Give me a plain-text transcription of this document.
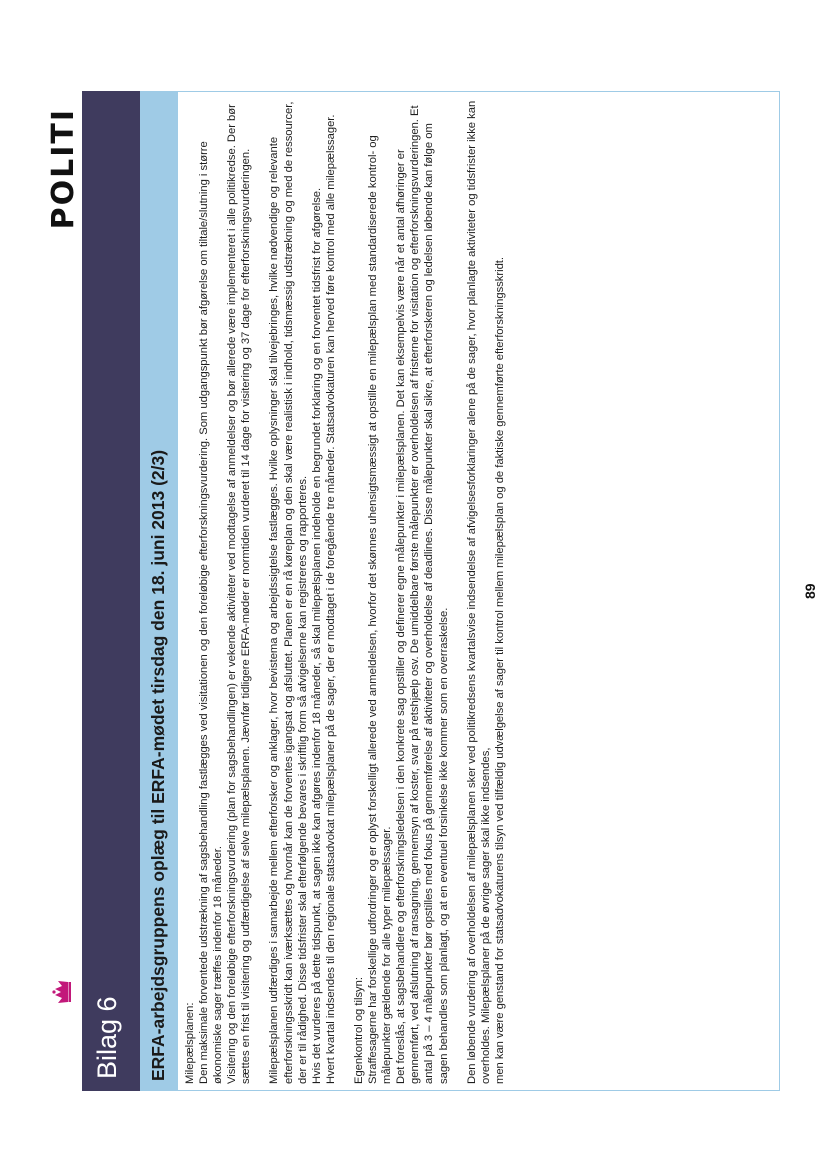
POLITI
Bilag 6 ERFA-arbejdsgruppens oplæg til ERFA-mødet tirsdag den 18. juni 2013 (2/3) Milepælsplanen: Den maksimale forventede udstrækning af sagsbehandling fastlægges ved visitationen og den foreløbige efterforskningsvurdering. Som udgangspunkt bør afgørelse om tiltale/slutning i større økonomiske sager træffes indenfor 18 måneder. Visitering og den foreløbige efterforskningsvurdering (plan for sagsbehandlingen) er vekende aktiviteter ved modtagelse af anmeldelser og bør allerede være implementeret i alle politikredse. Der bør sættes en frist til visitering og udfærdigelse af selve milepælsplanen. Jævnfør tidligere ERFA-møder er normtiden vurderet til 14 dage for visitering og 37 dage for efterforskningsvurderingen. Milepælsplanen udfærdiges i samarbejde mellem efterforsker og anklager, hvor bevistema og arbejdssigtelse fastlægges. Hvilke oplysninger skal tilvejebringes, hvilke nødvendige og relevante efterforskningsskridt kan iværksættes og hvornår kan de forventes igangsat og afsluttet. Planen er en rå køreplan og den skal være realistisk i indhold, tidsmæssig udstrækning og med de ressourcer, der er til rådighed. Disse tidsfrister skal efterfølgende bevares i skriftlig form så afvigelserne kan registreres og rapporteres. Hvis det vurderes på dette tidspunkt, at sagen ikke kan afgøres indenfor 18 måneder, så skal milepælsplanen indeholde en begrundet forklaring og en forventet tidsfrist for afgørelse. Hvert kvartal indsendes til den regionale statsadvokat milepælsplaner på de sager, der er modtaget i de foregående tre måneder. Statsadvokaturen kan herved føre kontrol med alle milepælssager. Egenkontrol og tilsyn: Straffesagerne har forskellige udfordringer og er oplyst forskelligt allerede ved anmeldelsen, hvorfor det skønnes uhensigtsmæssigt at opstille en milepælsplan med standardiserede kontrol- og målepunkter gældende for alle typer milepælssager. Det foreslås, at sagsbehandlere og efterforskningsledelsen i den konkrete sag opstiller og definerer egne målepunkter i milepælsplanen. Det kan eksempelvis være når et antal afhøringer er gennemført, ved afslutning af ransagning, gennemsyn af koster, svar på retshjælp osv. De umiddelbare første målepunkter er overholdelsen af fristerne for visitation og efterforskningsvurderingen. Et antal på 3 – 4 målepunkter bør opstilles med fokus på gennemførelse af aktiviteter og overholdelse af deadlines. Disse målepunkter skal sikre, at efterforskeren og ledelsen løbende kan følge om sagen behandles som planlagt, og at en eventuel forsinkelse ikke kommer som en overraskelse. Den løbende vurdering af overholdelsen af milepælsplanen sker ved politikredsens kvartalsvise indsendelse af afvigelsesforklaringer alene på de sager, hvor planlagte aktiviteter og tidsfrister ikke kan overholdes. Milepælsplaner på de øvrige sager skal ikke indsendes, men kan være genstand for statsadvokaturens tilsyn ved tilfældig udvælgelse af sager til kontrol mellem milepælsplan og de faktiske gennemførte efterforskningsskridt.	89
